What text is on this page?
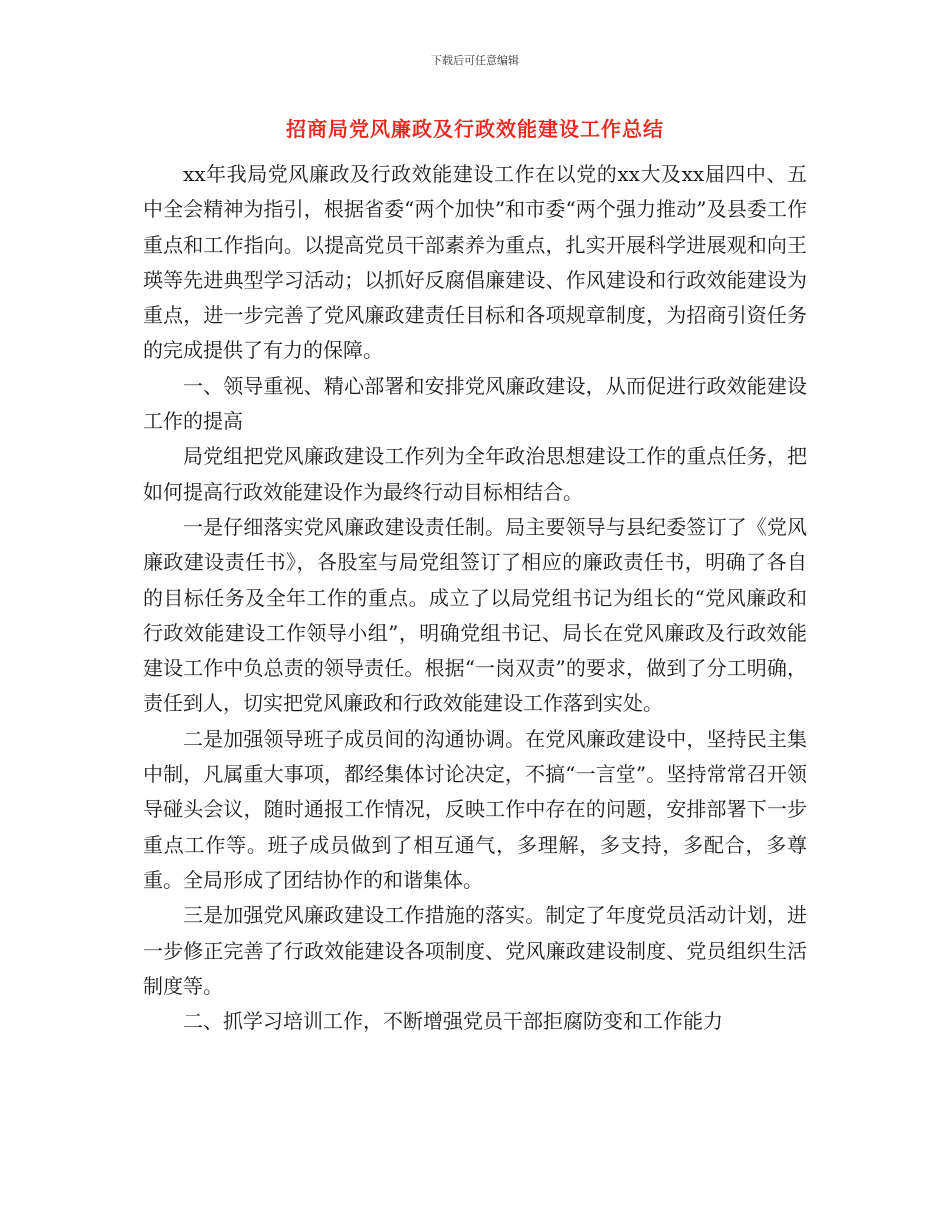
下载后可任意编辑
招商局党风廉政及行政效能建设工作总结

xx年我局党风廉政及行政效能建设工作在以党的xx大及xx届四中、五中全会精神为指引，根据省委“两个加快”和市委“两个强力推动”及县委工作重点和工作指向。以提高党员干部素养为重点，扎实开展科学进展观和向王瑛等先进典型学习活动；以抓好反腐倡廉建设、作风建设和行政效能建设为重点，进一步完善了党风廉政建责任目标和各项规章制度，为招商引资任务的完成提供了有力的保障。

一、领导重视、精心部署和安排党风廉政建设，从而促进行政效能建设工作的提高

局党组把党风廉政建设工作列为全年政治思想建设工作的重点任务，把如何提高行政效能建设作为最终行动目标相结合。

一是仔细落实党风廉政建设责任制。局主要领导与县纪委签订了《党风廉政建设责任书》，各股室与局党组签订了相应的廉政责任书，明确了各自的目标任务及全年工作的重点。成立了以局党组书记为组长的“党风廉政和行政效能建设工作领导小组”，明确党组书记、局长在党风廉政及行政效能建设工作中负总责的领导责任。根据“一岗双责”的要求，做到了分工明确，责任到人，切实把党风廉政和行政效能建设工作落到实处。

二是加强领导班子成员间的沟通协调。在党风廉政建设中，坚持民主集中制，凡属重大事项，都经集体讨论决定，不搞“一言堂”。坚持常常召开领导碰头会议，随时通报工作情况，反映工作中存在的问题，安排部署下一步重点工作等。班子成员做到了相互通气，多理解，多支持，多配合，多尊重。全局形成了团结协作的和谐集体。

三是加强党风廉政建设工作措施的落实。制定了年度党员活动计划，进一步修正完善了行政效能建设各项制度、党风廉政建设制度、党员组织生活制度等。

二、抓学习培训工作，不断增强党员干部拒腐防变和工作能力
